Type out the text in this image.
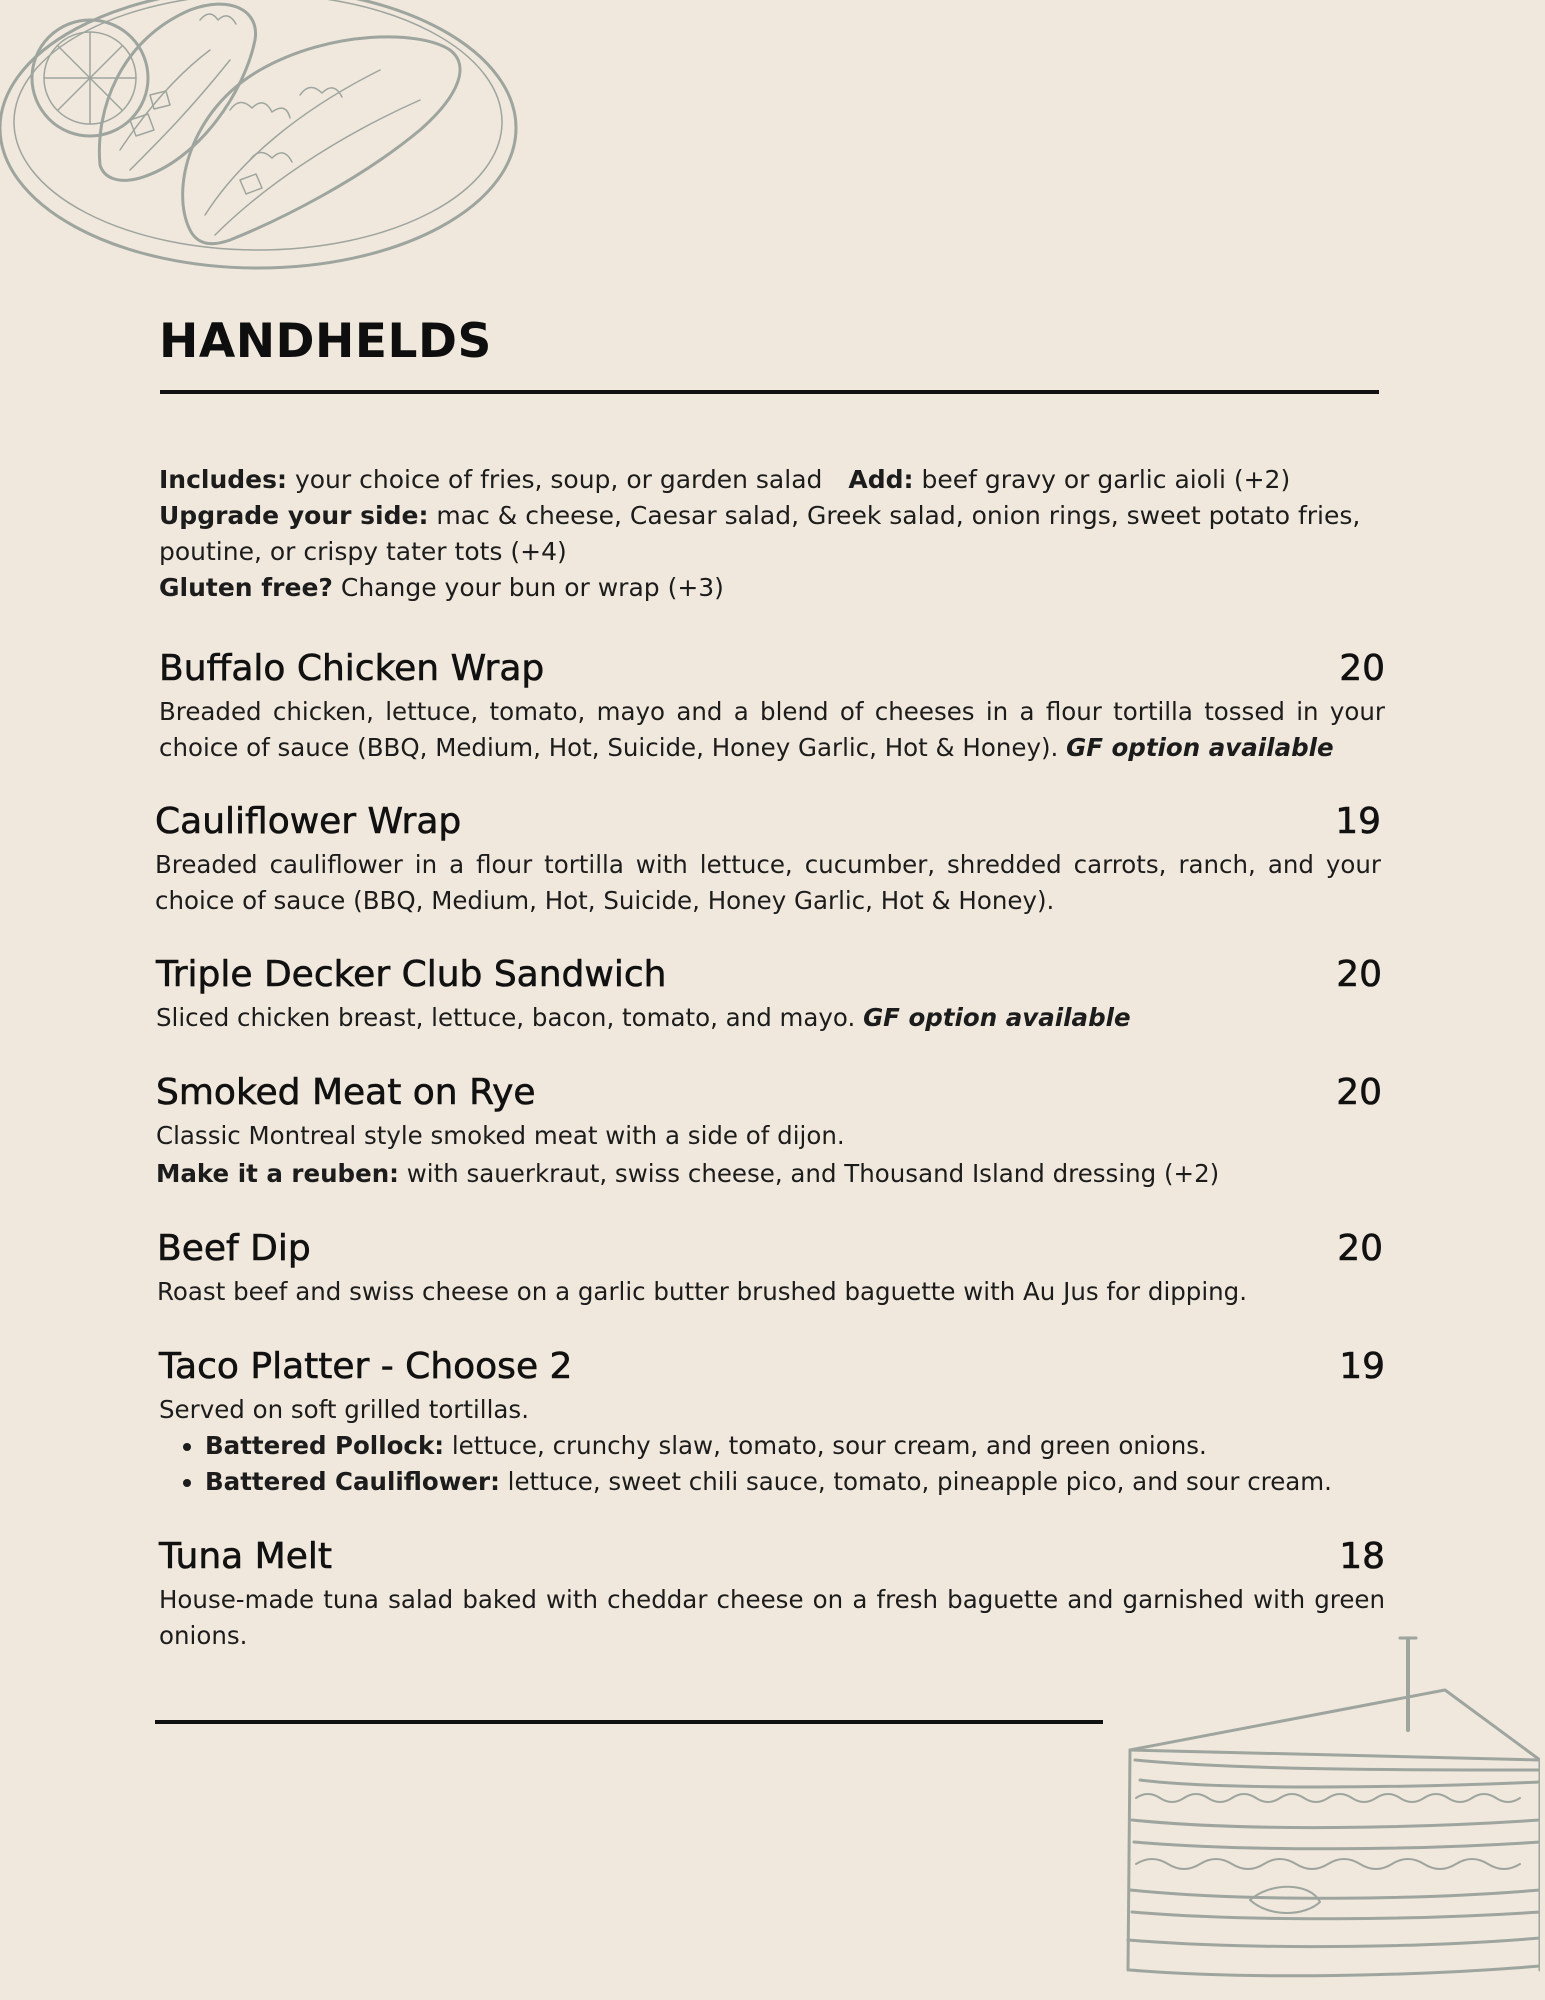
HANDHELDS

Includes: your choice of fries, soup, or garden salad Add: beef gravy or garlic aioli (+2)

Upgrade your side: mac & cheese, Caesar salad, Greek salad, onion rings, sweet potato fries, poutine, or crispy tater tots (+4)

Gluten free? Change your bun or wrap (+3)

Buffalo Chicken Wrap	20

Breaded chicken, lettuce, tomato, mayo and a blend of cheeses in a flour tortilla tossed in your choice of sauce (BBQ, Medium, Hot, Suicide, Honey Garlic, Hot & Honey). GF option available

Cauliflower Wrap	19

Breaded cauliflower in a flour tortilla with lettuce, cucumber, shredded carrots, ranch, and your choice of sauce (BBQ, Medium, Hot, Suicide, Honey Garlic, Hot & Honey).

Triple Decker Club Sandwich	20

Sliced chicken breast, lettuce, bacon, tomato, and mayo. GF option available

Smoked Meat on Rye	20

Classic Montreal style smoked meat with a side of dijon.

Make it a reuben: with sauerkraut, swiss cheese, and Thousand Island dressing (+2)

Beef Dip	20

Roast beef and swiss cheese on a garlic butter brushed baguette with Au Jus for dipping.

Taco Platter - Choose 2	19

Served on soft grilled tortillas.

• Battered Pollock: lettuce, crunchy slaw, tomato, sour cream, and green onions.
• Battered Cauliflower: lettuce, sweet chili sauce, tomato, pineapple pico, and sour cream.
Tuna Melt	18

House-made tuna salad baked with cheddar cheese on a fresh baguette and garnished with green onions.
